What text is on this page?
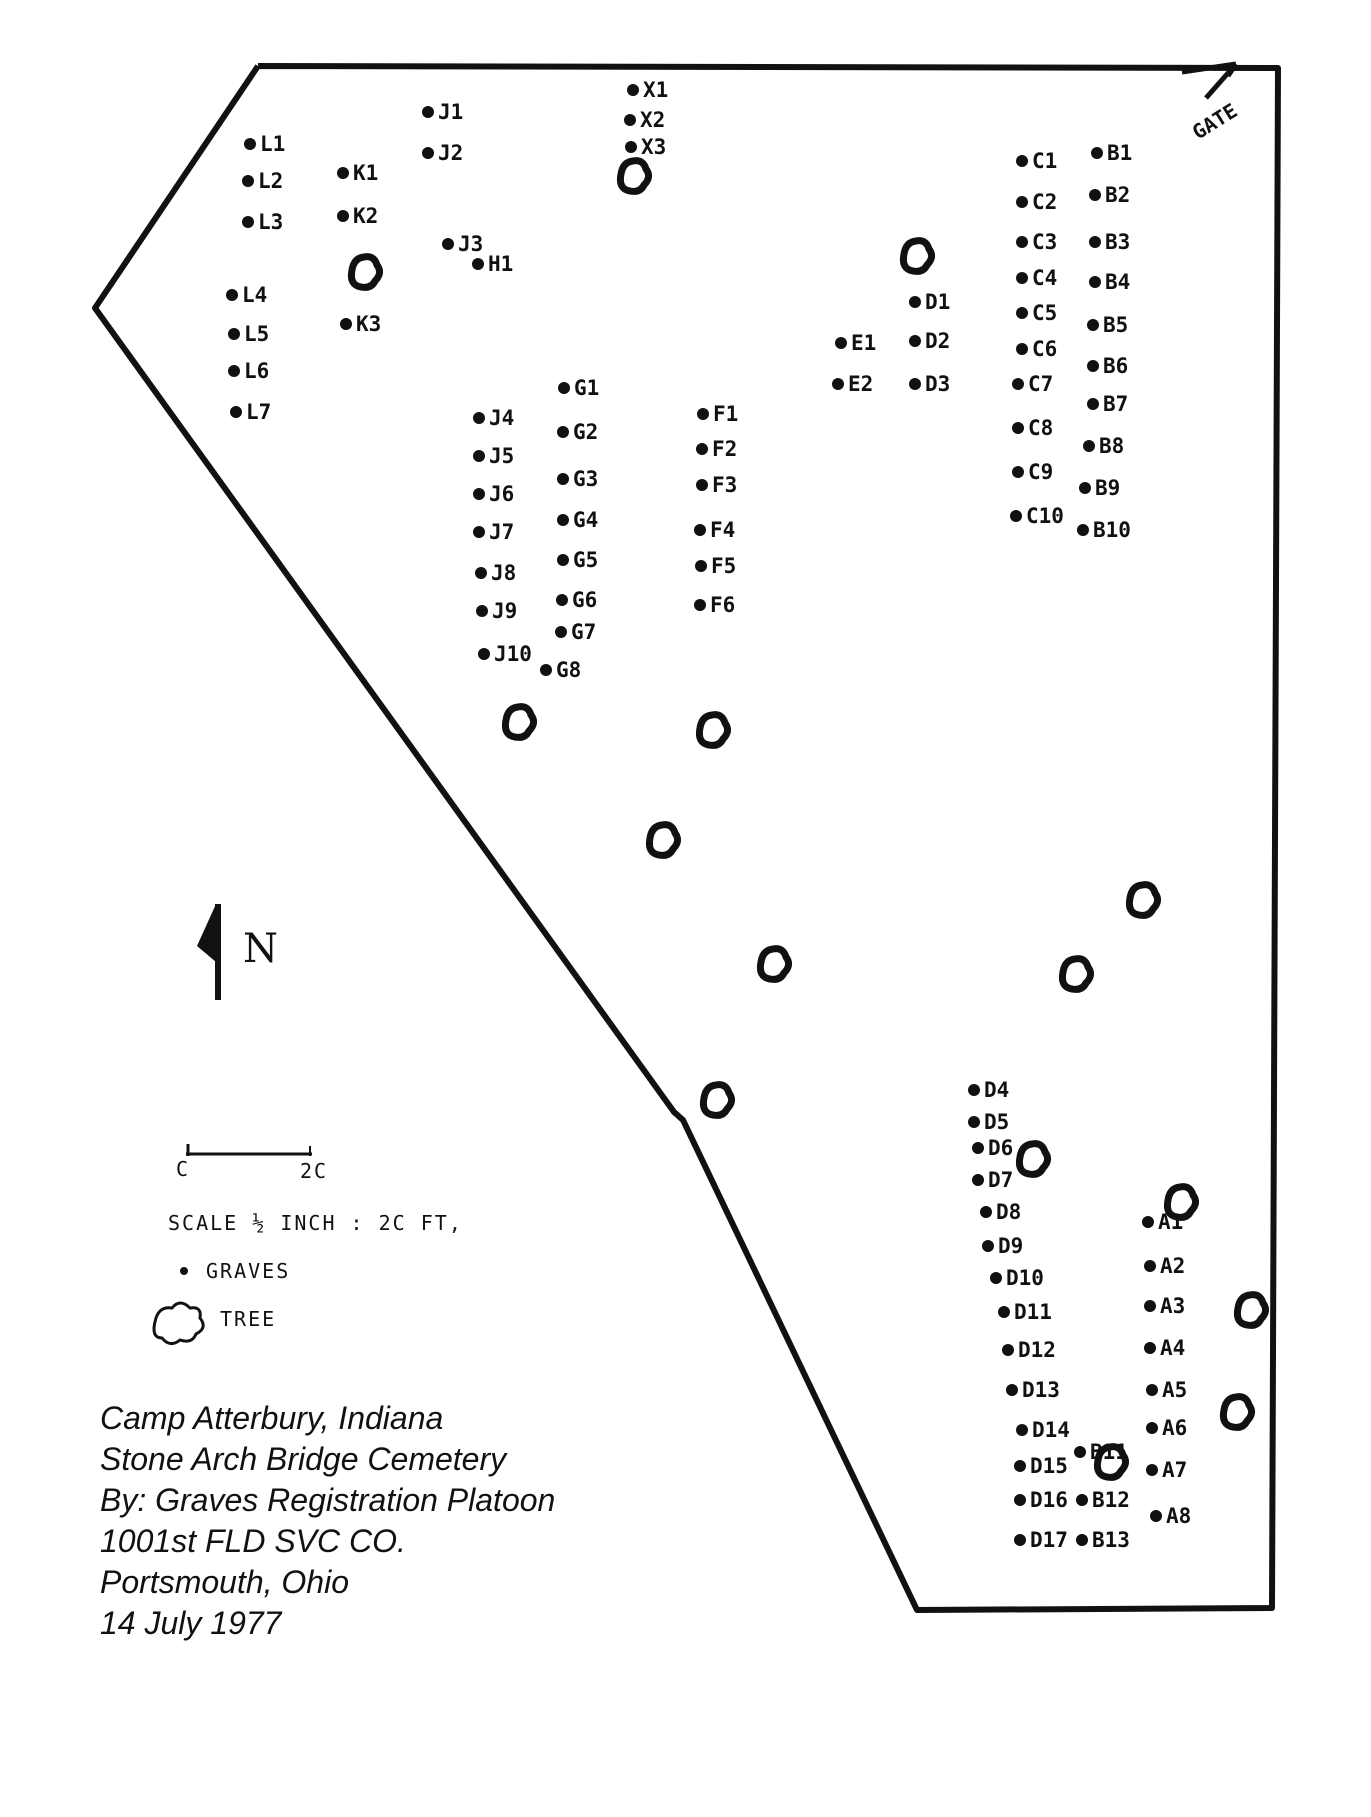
GATE
L1
L2
L3
L4
L5
L6
L7
K1
K2
K3
J1
J2
J3
H1
X1
X2
X3
J4
J5
J6
J7
J8
J9
J10
G1
G2
G3
G4
G5
G6
G7
G8
F1
F2
F3
F4
F5
F6
E1
E2
D1
D2
D3
C1
C2
C3
C4
C5
C6
C7
C8
C9
C10
B1
B2
B3
B4
B5
B6
B7
B8
B9
B10
D4
D5
D6
D7
D8
D9
D10
D11
D12
D13
D14
D15
D16
D17
B11
B12
B13
A1
A2
A3
A4
A5
A6
A7
A8
N
C	2C
SCALE ½ INCH : 2C FT,
GRAVES
TREE
Camp Atterbury, Indiana
Stone Arch Bridge Cemetery
By: Graves Registration Platoon
1001st FLD SVC CO.
Portsmouth, Ohio
14 July 1977
